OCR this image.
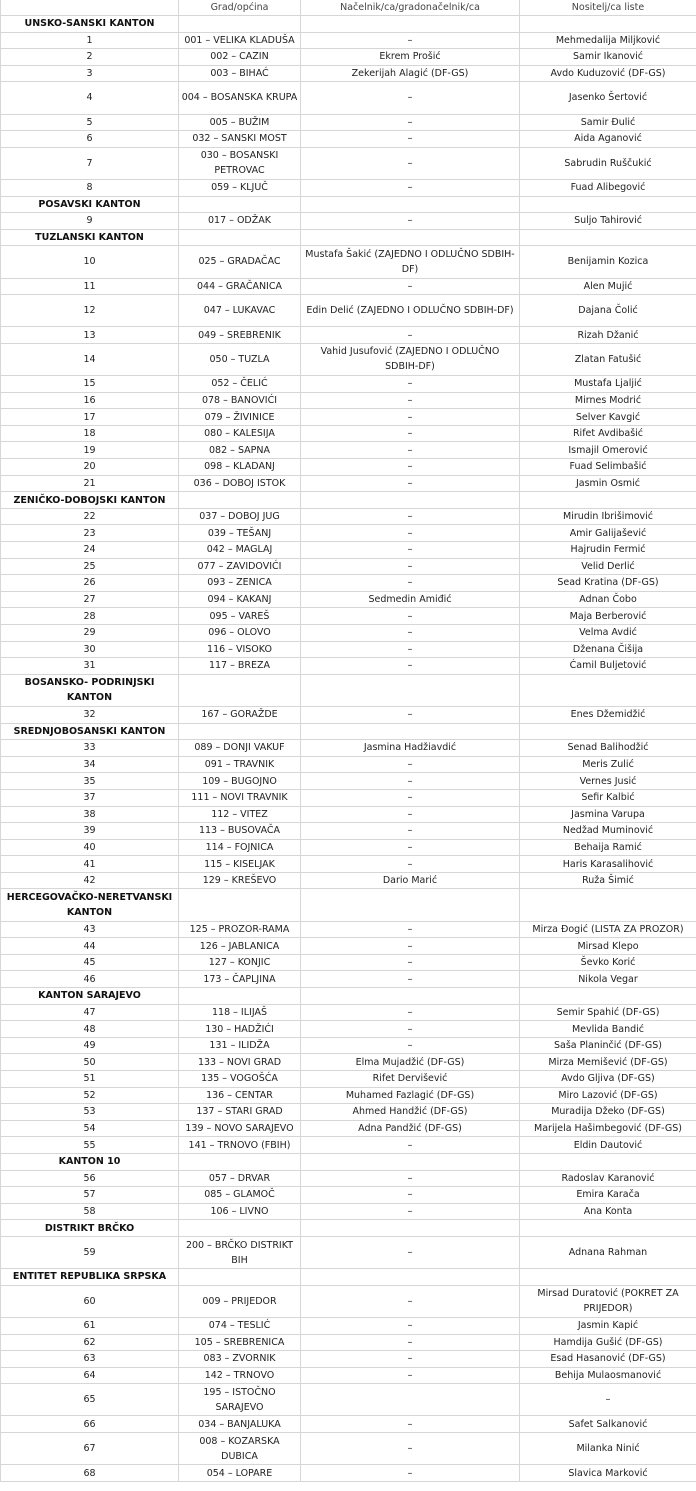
	Grad/općina	Načelnik/ca/gradonačelnik/ca	Nositelj/ca liste
UNSKO-SANSKI KANTON			
1	001 – VELIKA KLADUŠA	–	Mehmedalija Miljković
2	002 – CAZIN	Ekrem Prošić	Samir Ikanović
3	003 – BIHAĆ	Zekerijah Alagić (DF-GS)	Avdo Kuduzović (DF-GS)
4	004 – BOSANSKA KRUPA	–	Jasenko Šertović
5	005 – BUŽIM	–	Samir Đulić
6	032 – SANSKI MOST	–	Aida Aganović
7	030 – BOSANSKI PETROVAC	–	Sabrudin Ruščukić
8	059 – KLJUČ	–	Fuad Alibegović
POSAVSKI KANTON			
9	017 – ODŽAK	–	Suljo Tahirović
TUZLANSKI KANTON			
10	025 – GRADAČAC	Mustafa Šakić (ZAJEDNO I ODLUČNO SDBIH-DF)	Benijamin Kozica
11	044 – GRAČANICA	–	Alen Mujić
12	047 – LUKAVAC	Edin Delić (ZAJEDNO I ODLUČNO SDBIH-DF)	Dajana Čolić
13	049 – SREBRENIK	–	Rizah Džanić
14	050 – TUZLA	Vahid Jusufović (ZAJEDNO I ODLUČNO SDBIH-DF)	Zlatan Fatušić
15	052 – ČELIĆ	–	Mustafa Ljaljić
16	078 – BANOVIĆI	–	Mirnes Modrić
17	079 – ŽIVINICE	–	Selver Kavgić
18	080 – KALESIJA	–	Rifet Avdibašić
19	082 – SAPNA	–	Ismajil Omerović
20	098 – KLADANJ	–	Fuad Selimbašić
21	036 – DOBOJ ISTOK	–	Jasmin Osmić
ZENIČKO-DOBOJSKI KANTON			
22	037 – DOBOJ JUG	–	Mirudin Ibrišimović
23	039 – TEŠANJ	–	Amir Galijašević
24	042 – MAGLAJ	–	Hajrudin Fermić
25	077 – ZAVIDOVIĆI	–	Velid Derlić
26	093 – ZENICA	–	Sead Kratina (DF-GS)
27	094 – KAKANJ	Sedmedin Amiđić	Adnan Čobo
28	095 – VAREŠ	–	Maja Berberović
29	096 – OLOVO	–	Velma Avdić
30	116 – VISOKO	–	Dženana Čišija
31	117 – BREZA	–	Ćamil Buljetović
BOSANSKO- PODRINJSKI KANTON			
32	167 – GORAŽDE	–	Enes Džemidžić
SREDNJOBOSANSKI KANTON			
33	089 – DONJI VAKUF	Jasmina Hadžiavdić	Senad Balihodžić
34	091 – TRAVNIK	–	Meris Zulić
35	109 – BUGOJNO	–	Vernes Jusić
37	111 – NOVI TRAVNIK	–	Sefir Kalbić
38	112 – VITEZ	–	Jasmina Varupa
39	113 – BUSOVAČA	–	Nedžad Muminović
40	114 – FOJNICA	–	Behaija Ramić
41	115 – KISELJAK	–	Haris Karasalihović
42	129 – KREŠEVO	Dario Marić	Ruža Šimić
HERCEGOVAČKO-NERETVANSKI KANTON			
43	125 – PROZOR-RAMA	–	Mirza Đogić (LISTA ZA PROZOR)
44	126 – JABLANICA	–	Mirsad Klepo
45	127 – KONJIC	–	Ševko Korić
46	173 – ČAPLJINA	–	Nikola Vegar
KANTON SARAJEVO			
47	118 – ILIJAŠ	–	Semir Spahić (DF-GS)
48	130 – HADŽIĆI	–	Mevlida Bandić
49	131 – ILIDŽA	–	Saša Planinčić (DF-GS)
50	133 – NOVI GRAD	Elma Mujadžić (DF-GS)	Mirza Memišević (DF-GS)
51	135 – VOGOŠĆA	Rifet Dervišević	Avdo Gljiva (DF-GS)
52	136 – CENTAR	Muhamed Fazlagić (DF-GS)	Miro Lazović (DF-GS)
53	137 – STARI GRAD	Ahmed Handžić (DF-GS)	Muradija Džeko (DF-GS)
54	139 – NOVO SARAJEVO	Adna Pandžić (DF-GS)	Marijela Hašimbegović (DF-GS)
55	141 – TRNOVO (FBIH)	–	Eldin Dautović
KANTON 10			
56	057 – DRVAR	–	Radoslav Karanović
57	085 – GLAMOČ	–	Emira Karača
58	106 – LIVNO	–	Ana Konta
DISTRIKT BRČKO			
59	200 – BRČKO DISTRIKT BIH	–	Adnana Rahman
ENTITET REPUBLIKA SRPSKA			
60	009 – PRIJEDOR	–	Mirsad Duratović (POKRET ZA PRIJEDOR)
61	074 – TESLIĆ	–	Jasmin Kapić
62	105 – SREBRENICA	–	Hamdija Gušić (DF-GS)
63	083 – ZVORNIK	–	Esad Hasanović (DF-GS)
64	142 – TRNOVO	–	Behija Mulaosmanović
65	195 – ISTOČNO SARAJEVO		–
66	034 – BANJALUKA	–	Safet Salkanović
67	008 – KOZARSKA DUBICA	–	Milanka Ninić
68	054 – LOPARE	–	Slavica Marković
